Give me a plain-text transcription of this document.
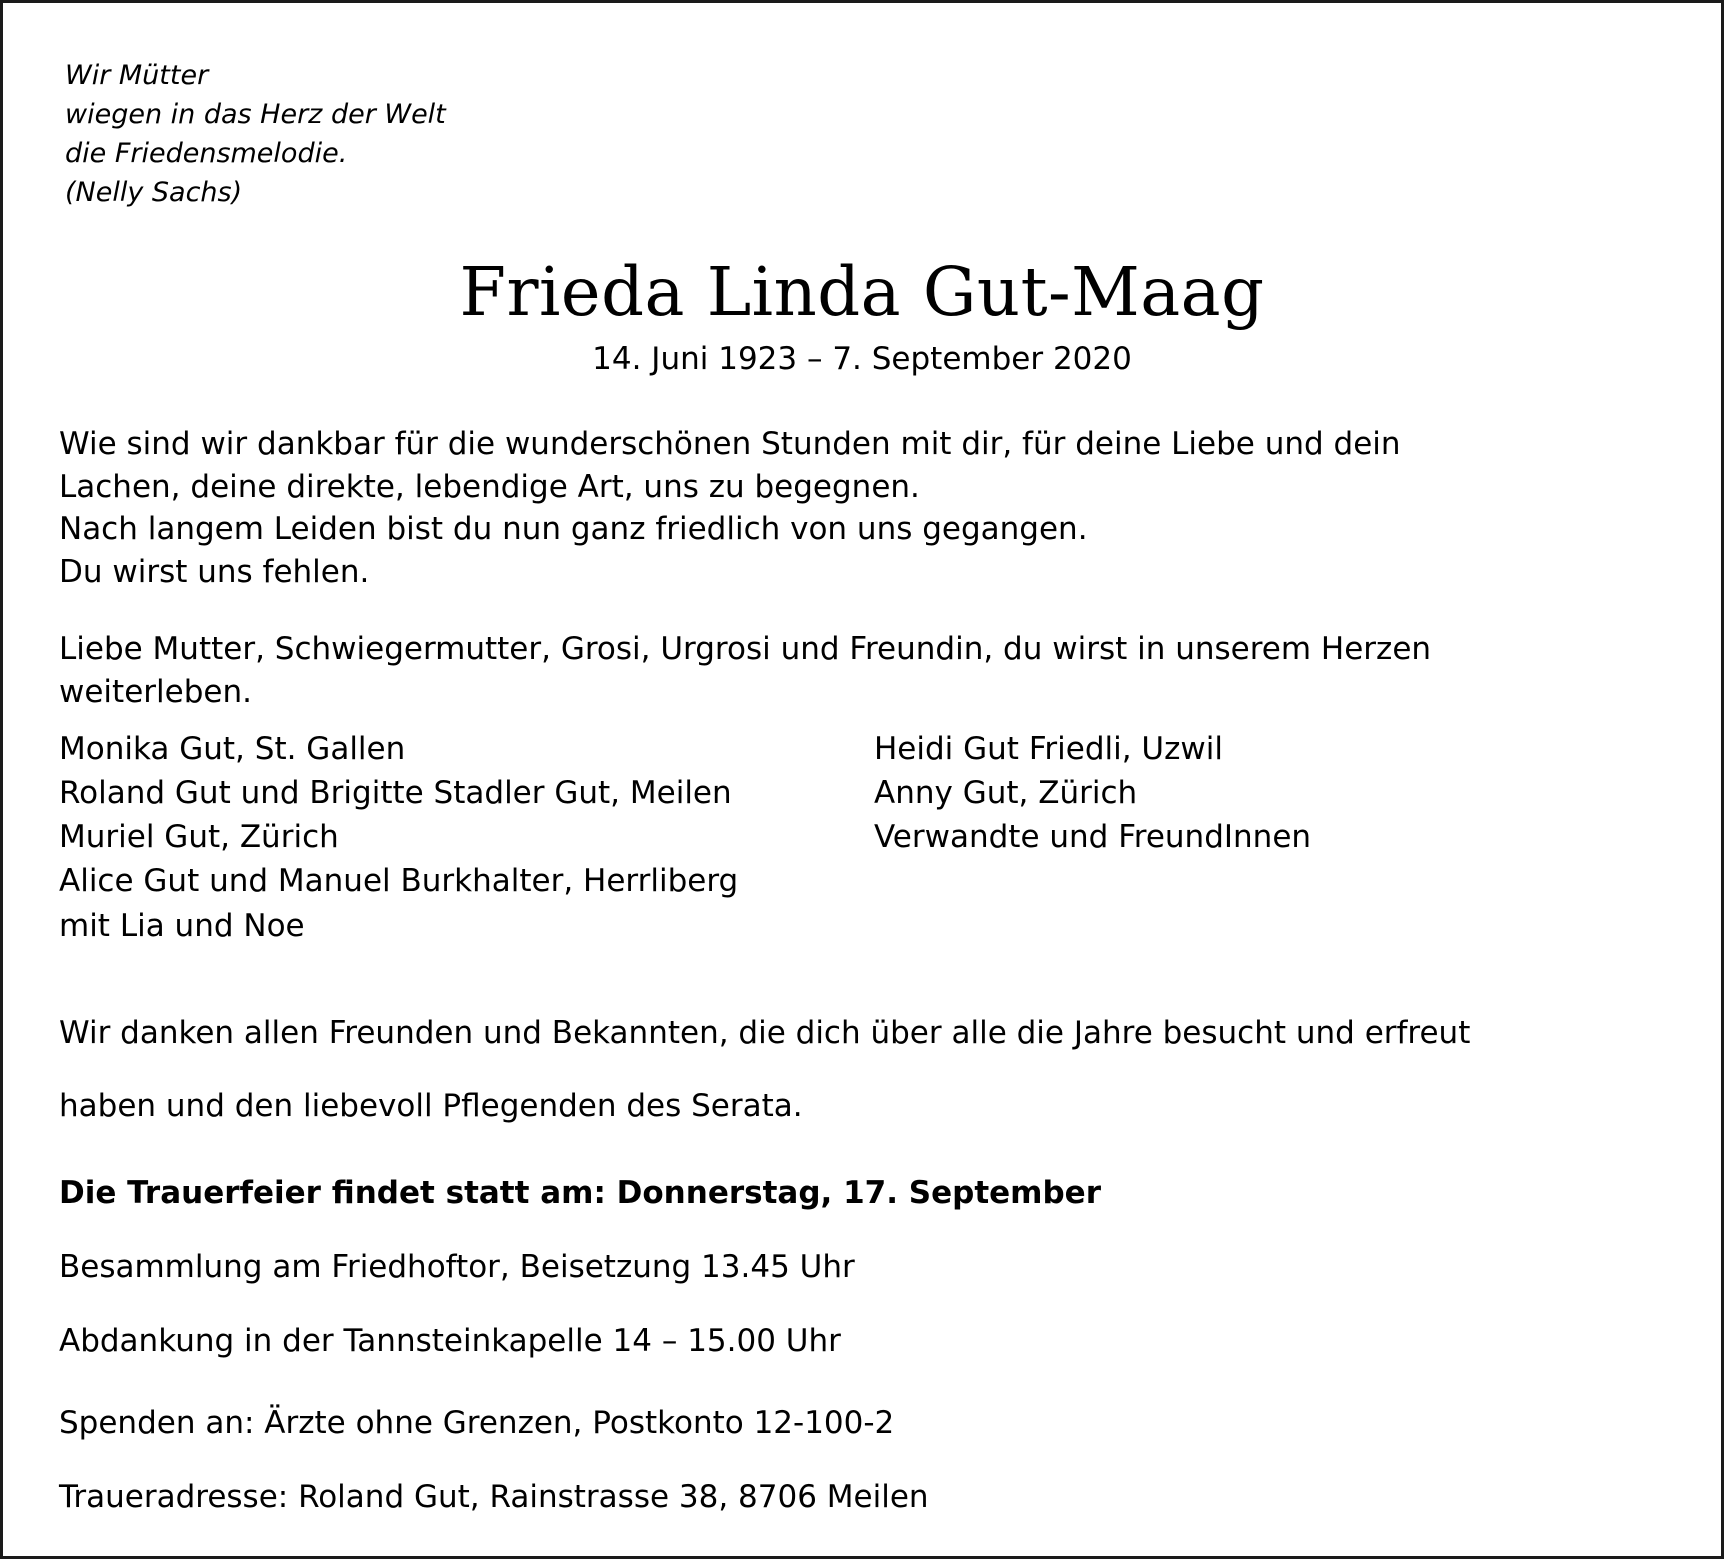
Wir Mütter
wiegen in das Herz der Welt
die Friedensmelodie.
(Nelly Sachs)
Frieda Linda Gut-Maag
14. Juni 1923 – 7. September 2020

Wie sind wir dankbar für die wunderschönen Stunden mit dir, für deine Liebe und dein

Lachen, deine direkte, lebendige Art, uns zu begegnen.

Nach langem Leiden bist du nun ganz friedlich von uns gegangen.

Du wirst uns fehlen.

Liebe Mutter, Schwiegermutter, Grosi, Urgrosi und Freundin, du wirst in unserem Herzen

weiterleben.

Monika Gut, St. Gallen
Roland Gut und Brigitte Stadler Gut, Meilen
Muriel Gut, Zürich
Alice Gut und Manuel Burkhalter, Herrliberg
mit Lia und Noe
Heidi Gut Friedli, Uzwil
Anny Gut, Zürich
Verwandte und FreundInnen

Wir danken allen Freunden und Bekannten, die dich über alle die Jahre besucht und erfreut

haben und den liebevoll Pflegenden des Serata.

Die Trauerfeier findet statt am: Donnerstag, 17. September

Besammlung am Friedhoftor, Beisetzung 13.45 Uhr

Abdankung in der Tannsteinkapelle 14 – 15.00 Uhr

Spenden an: Ärzte ohne Grenzen, Postkonto 12-100-2

Traueradresse: Roland Gut, Rainstrasse 38, 8706 Meilen
